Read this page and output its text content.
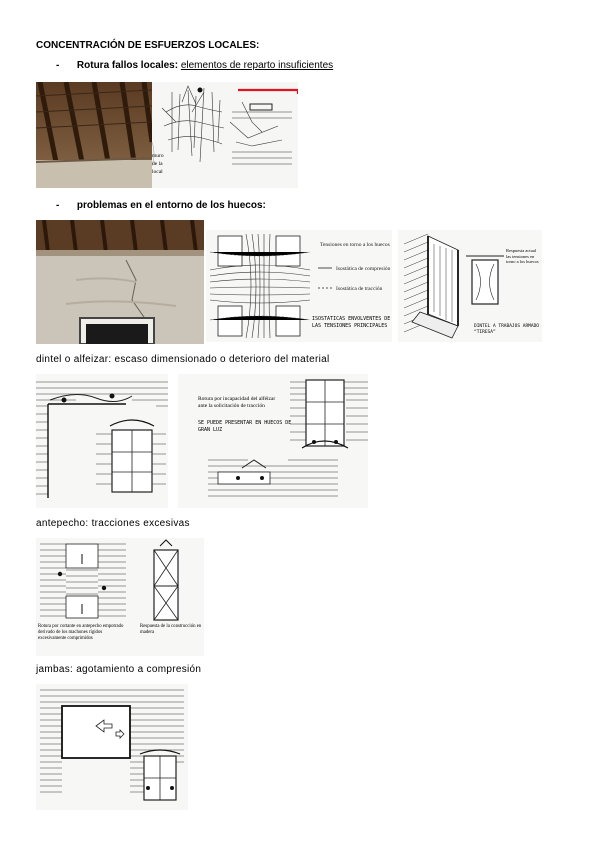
CONCENTRACIÓN DE ESFUERZOS LOCALES:
- Rotura fallos locales: elementos de reparto insuficientes
muro de la local
- problemas en el entorno de los huecos:
Tensiones en torno a los huecos
Isostática de compresión
Isostática de tracción
ISOSTATICAS ENVOLVENTES DE LAS TENSIONES PRINCIPALES
Respuesta actual las tensiones en torno a los huecos
DINTEL A TRABAJOS ARMADO “TIRESA”
dintel o alfeizar: escaso dimensionado o deterioro del material
Rotura por incapacidad del alféizar ante la solicitación de tracción
SE PUEDE PRESENTAR EN HUECOS DE GRAN LUZ
antepecho: tracciones excesivas
Rotura por cortante en antepecho empotrado derivado de los machones rígidos excesivamente comprimidos
Respuesta de la construcción en madera
jambas: agotamiento a compresión
